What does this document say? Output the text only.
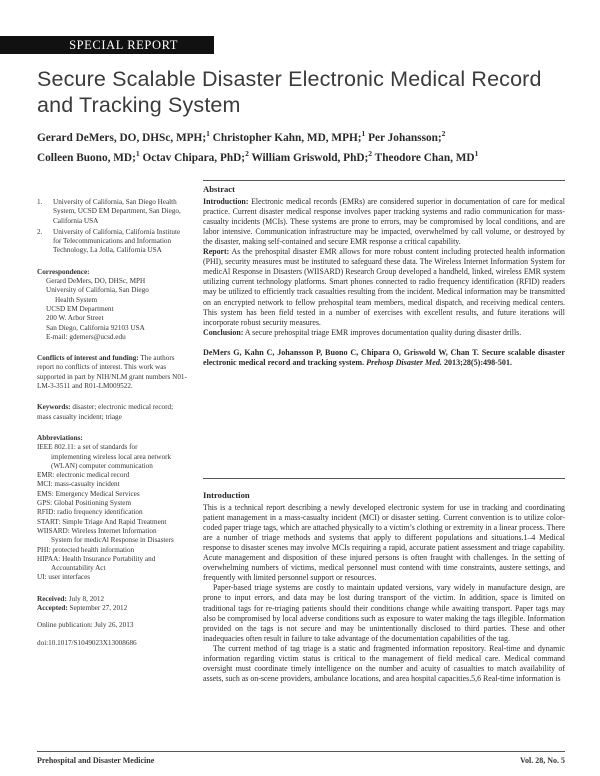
SPECIAL REPORT
Secure Scalable Disaster Electronic Medical Record and Tracking System
Gerard DeMers, DO, DHSc, MPH;$^1$ Christopher Kahn, MD, MPH;$^1$ Per Johansson;$^2$
Colleen Buono, MD;$^1$ Octav Chipara, PhD;$^2$ William Griswold, PhD;$^2$ Theodore Chan, $MD^1$
1.	University of California, San Diego Health System, UCSD EM Department, San Diego, California USA
2.	University of California, California Institute for Telecommunications and Information Technology, La Jolla, California USA
Correspondence:
Gerard DeMers, DO, DHSc, MPH
University of California, San Diego
Health System
UCSD EM Department
200 W. Arbor Street
San Diego, California 92103 USA
E-mail: gdemers@ucsd.edu
Conflicts of interest and funding: The authors report no conflicts of interest. This work was supported in part by NIH/NLM grant numbers N01-LM-3-3511 and R01-LM009522.
Keywords: disaster; electronic medical record; mass casualty incident; triage
Abbreviations:
IEEE 802.11: a set of standards for
implementing wireless local area network
(WLAN) computer communication
EMR: electronic medical record
MCI: mass-casualty incident
EMS: Emergency Medical Services
GPS: Global Positioning System
RFID: radio frequency identification
START: Simple Triage And Rapid Treatment
WIISARD: Wireless Internet Information
System for medicAl Response in Disasters
PHI: protected health information
HIPAA: Health Insurance Portability and
Accountability Act
UI: user interfaces
Received: July 8, 2012
Accepted: September 27, 2012
Online publication: July 26, 2013
doi:10.1017/S1049023X13008686
Abstract

Introduction: Electronic medical records (EMRs) are considered superior in documentation of care for medical practice. Current disaster medical response involves paper tracking systems and radio communication for mass-casualty incidents (MCIs). These systems are prone to errors, may be compromised by local conditions, and are labor intensive. Communication infrastructure may be impacted, overwhelmed by call volume, or destroyed by the disaster, making self-contained and secure EMR response a critical capability.

Report: As the prehospital disaster EMR allows for more robust content including protected health information (PHI), security measures must be instituted to safeguard these data. The Wireless Internet Information System for medicAl Response in Disasters (WIISARD) Research Group developed a handheld, linked, wireless EMR system utilizing current technology platforms. Smart phones connected to radio frequency identification (RFID) readers may be utilized to efficiently track casualties resulting from the incident. Medical information may be transmitted on an encrypted network to fellow prehospital team members, medical dispatch, and receiving medical centers. This system has been field tested in a number of exercises with excellent results, and future iterations will incorporate robust security measures.

Conclusion: A secure prehospital triage EMR improves documentation quality during disaster drills.

DeMers G, Kahn C, Johansson P, Buono C, Chipara O, Griswold W, Chan T. Secure scalable disaster electronic medical record and tracking system. Prehosp Disaster Med. 2013;28(5):498-501.
Introduction

This is a technical report describing a newly developed electronic system for use in tracking and coordinating patient management in a mass-casualty incident (MCI) or disaster setting. Current convention is to utilize color-coded paper triage tags, which are attached physically to a victim’s clothing or extremity in a linear process. There are a number of triage methods and systems that apply to different populations and situations.1–4 Medical response to disaster scenes may involve MCIs requiring a rapid, accurate patient assessment and triage capability. Acute management and disposition of these injured persons is often fraught with challenges. In the setting of overwhelming numbers of victims, medical personnel must contend with time constraints, austere settings, and frequently with limited personnel support or resources.

Paper-based triage systems are costly to maintain updated versions, vary widely in manufacture design, are prone to input errors, and data may be lost during transport of the victim. In addition, space is limited on traditional tags for re-triaging patients should their conditions change while awaiting transport. Paper tags may also be compromised by local adverse conditions such as exposure to water making the tags illegible. Information provided on the tags is not secure and may be unintentionally disclosed to third parties. These and other inadequacies often result in failure to take advantage of the documentation capabilities of the tag.

The current method of tag triage is a static and fragmented information repository. Real-time and dynamic information regarding victim status is critical to the management of field medical care. Medical command oversight must coordinate timely intelligence on the number and acuity of casualties to match availability of assets, such as on-scene providers, ambulance locations, and area hospital capacities.5,6 Real-time information is

Prehospital and Disaster Medicine	Vol. 28, No. 5
